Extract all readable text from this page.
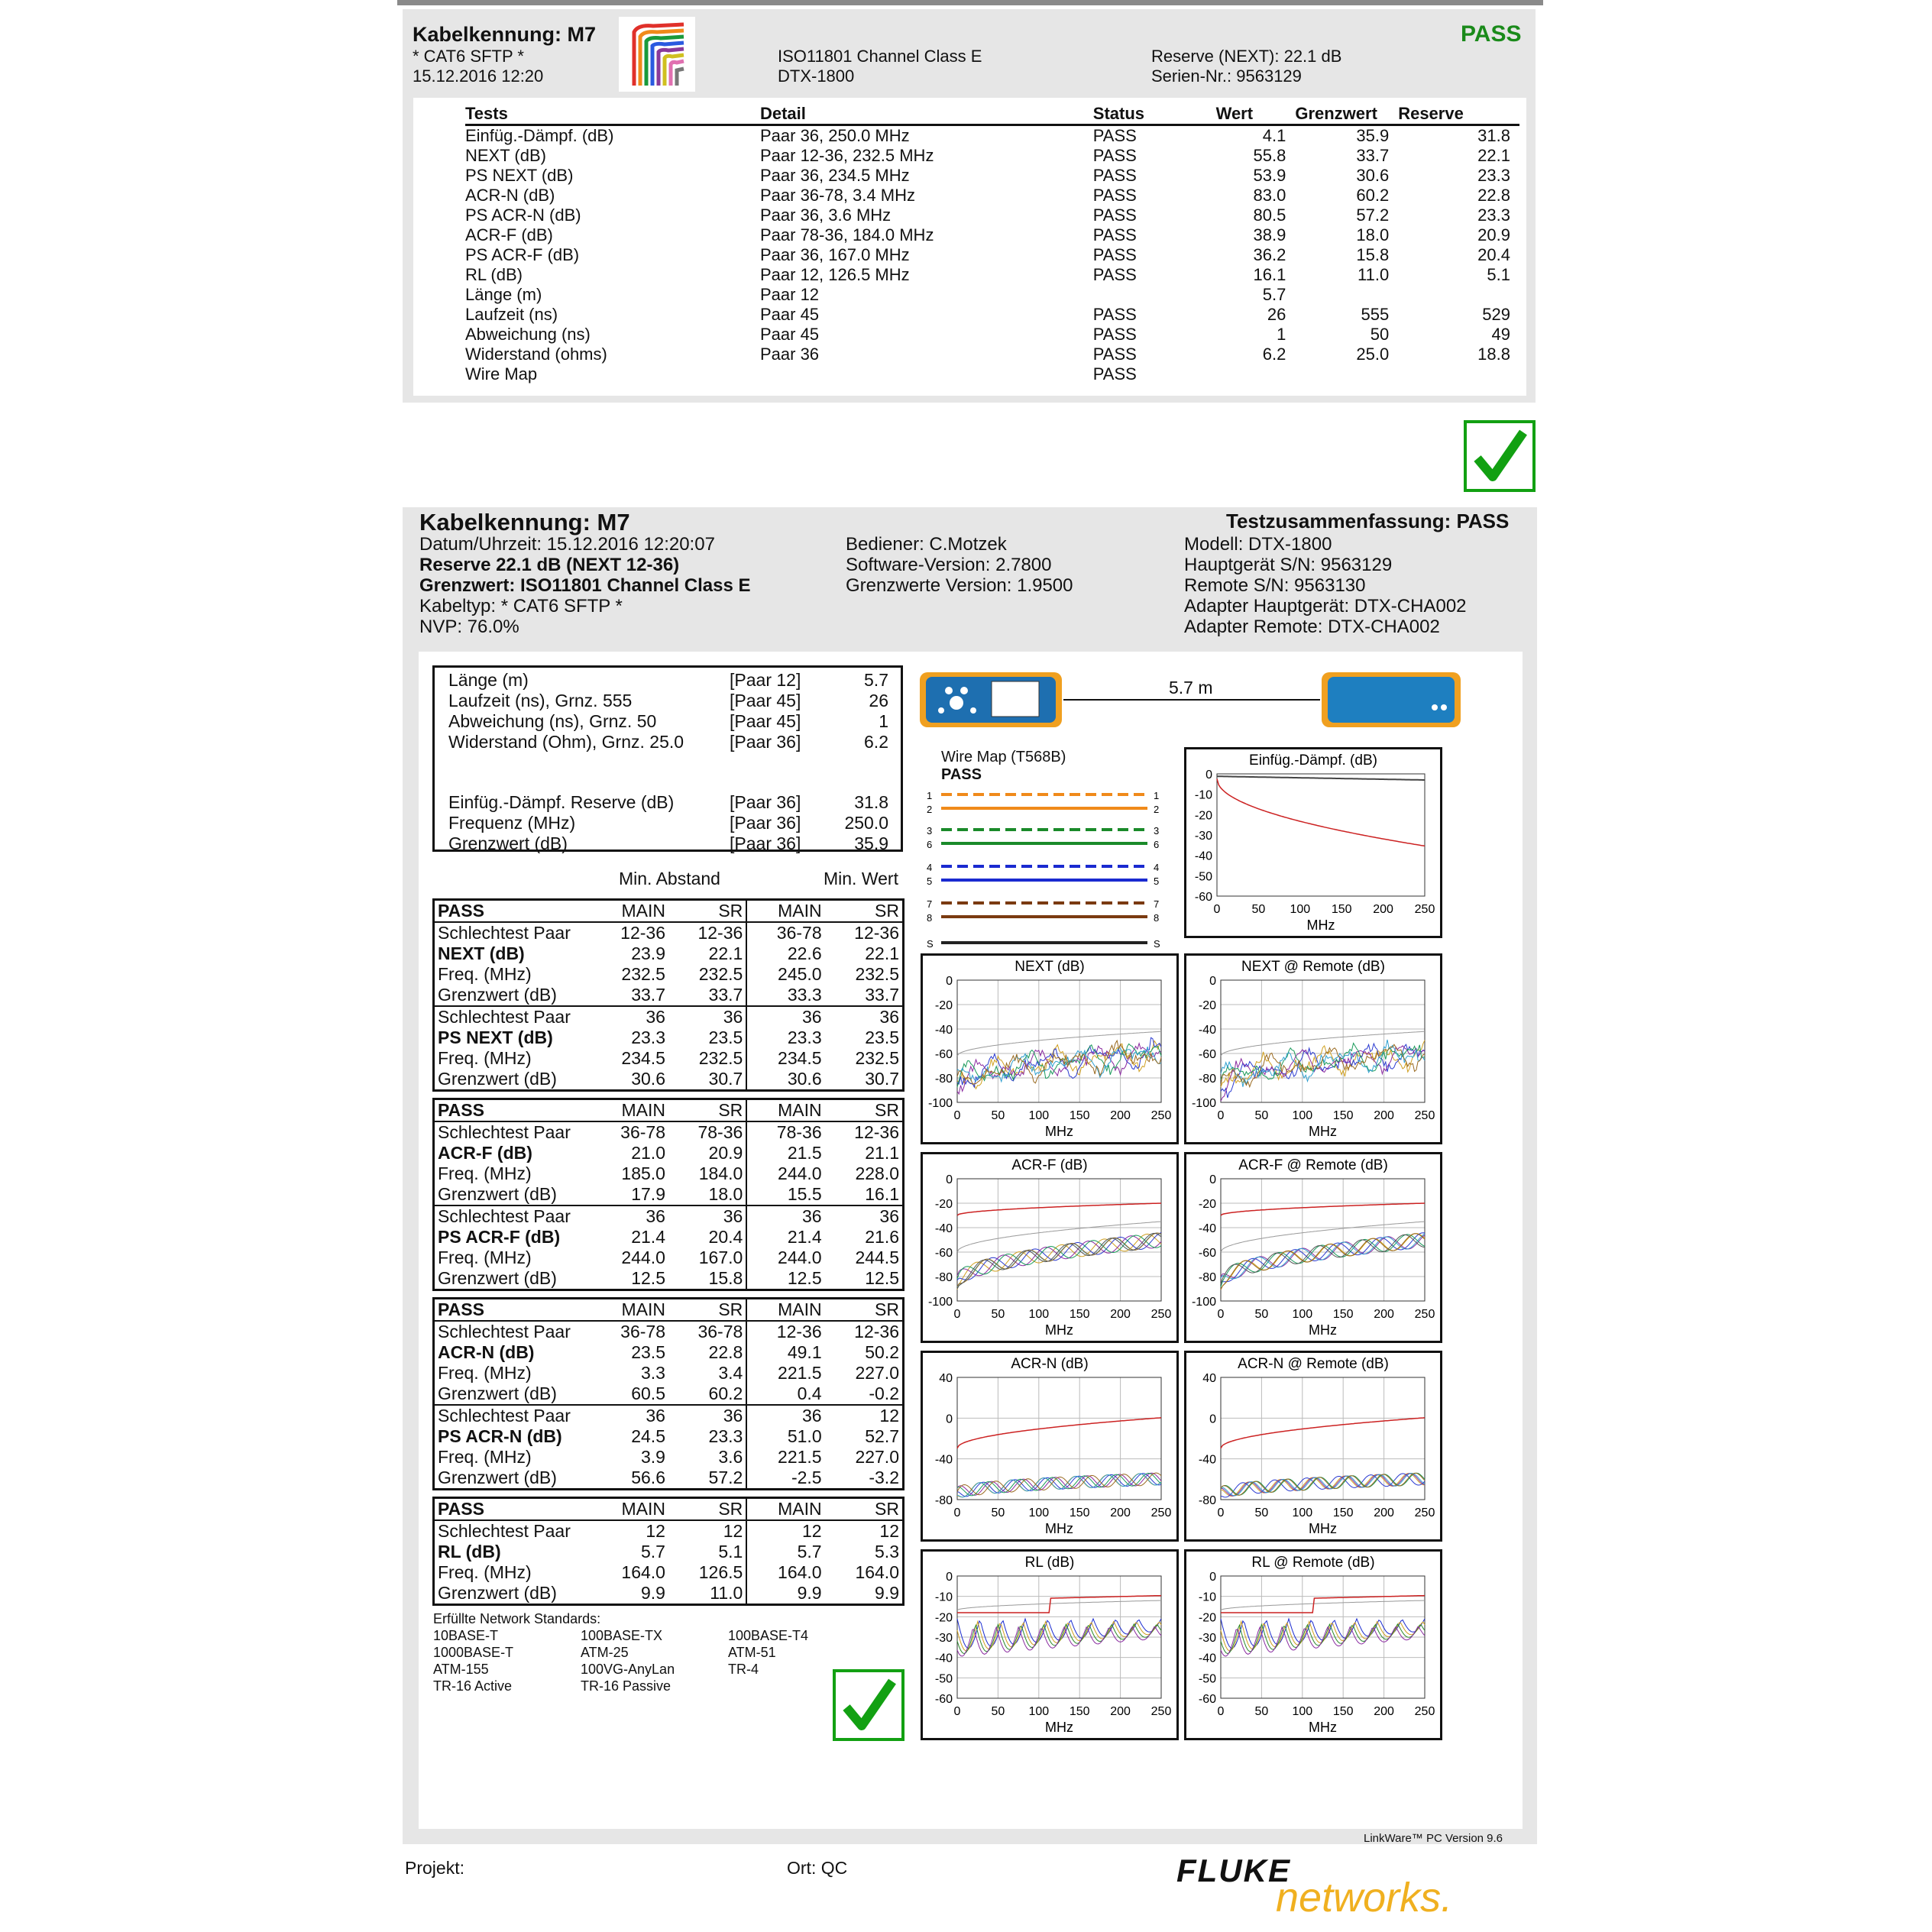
Kabelkennung: M7
* CAT6 SFTP *
15.12.2016 12:20
ISO11801 Channel Class E
DTX-1800
Reserve (NEXT): 22.1 dB
Serien-Nr.: 9563129
PASS
Tests	Detail	Status	Wert	Grenzwert	Reserve
Einfüg.-Dämpf. (dB)	Paar 36, 250.0 MHz	PASS	4.1	35.9	31.8
NEXT (dB)	Paar 12-36, 232.5 MHz	PASS	55.8	33.7	22.1
PS NEXT (dB)	Paar 36, 234.5 MHz	PASS	53.9	30.6	23.3
ACR-N (dB)	Paar 36-78, 3.4 MHz	PASS	83.0	60.2	22.8
PS ACR-N (dB)	Paar 36, 3.6 MHz	PASS	80.5	57.2	23.3
ACR-F (dB)	Paar 78-36, 184.0 MHz	PASS	38.9	18.0	20.9
PS ACR-F (dB)	Paar 36, 167.0 MHz	PASS	36.2	15.8	20.4
RL (dB)	Paar 12, 126.5 MHz	PASS	16.1	11.0	5.1
Länge (m)	Paar 12		5.7		
Laufzeit (ns)	Paar 45	PASS	26	555	529
Abweichung (ns)	Paar 45	PASS	1	50	49
Widerstand (ohms)	Paar 36	PASS	6.2	25.0	18.8
Wire Map		PASS			
Kabelkennung: M7	Testzusammenfassung: PASS
Datum/Uhrzeit: 15.12.2016 12:20:07
Reserve 22.1 dB (NEXT 12-36)
Grenzwert: ISO11801 Channel Class E
Kabeltyp: * CAT6 SFTP *
NVP: 76.0%
Bediener: C.Motzek
Software-Version: 2.7800
Grenzwerte Version: 1.9500
Modell: DTX-1800
Hauptgerät S/N: 9563129
Remote S/N: 9563130
Adapter Hauptgerät: DTX-CHA002
Adapter Remote: DTX-CHA002
Länge (m)	[Paar 12]	5.7
Laufzeit (ns), Grnz. 555	[Paar 45]	26
Abweichung (ns), Grnz. 50	[Paar 45]	1
Widerstand (Ohm), Grnz. 25.0	[Paar 36]	6.2
Einfüg.-Dämpf. Reserve (dB)	[Paar 36]	31.8
Frequenz (MHz)	[Paar 36]	250.0
Grenzwert (dB)	[Paar 36]	35.9
Min. Abstand	Min. Wert
PASS	MAIN	SR	MAIN	SR
Schlechtest Paar	12-36	12-36	36-78	12-36
NEXT (dB)	23.9	22.1	22.6	22.1
Freq. (MHz)	232.5	232.5	245.0	232.5
Grenzwert (dB)	33.7	33.7	33.3	33.7
Schlechtest Paar	36	36	36	36
PS NEXT (dB)	23.3	23.5	23.3	23.5
Freq. (MHz)	234.5	232.5	234.5	232.5
Grenzwert (dB)	30.6	30.7	30.6	30.7
PASS	MAIN	SR	MAIN	SR
Schlechtest Paar	36-78	78-36	78-36	12-36
ACR-F (dB)	21.0	20.9	21.5	21.1
Freq. (MHz)	185.0	184.0	244.0	228.0
Grenzwert (dB)	17.9	18.0	15.5	16.1
Schlechtest Paar	36	36	36	36
PS ACR-F (dB)	21.4	20.4	21.4	21.6
Freq. (MHz)	244.0	167.0	244.0	244.5
Grenzwert (dB)	12.5	15.8	12.5	12.5
PASS	MAIN	SR	MAIN	SR
Schlechtest Paar	36-78	36-78	12-36	12-36
ACR-N (dB)	23.5	22.8	49.1	50.2
Freq. (MHz)	3.3	3.4	221.5	227.0
Grenzwert (dB)	60.5	60.2	0.4	-0.2
Schlechtest Paar	36	36	36	12
PS ACR-N (dB)	24.5	23.3	51.0	52.7
Freq. (MHz)	3.9	3.6	221.5	227.0
Grenzwert (dB)	56.6	57.2	-2.5	-3.2
PASS	MAIN	SR	MAIN	SR
Schlechtest Paar	12	12	12	12
RL (dB)	5.7	5.1	5.7	5.3
Freq. (MHz)	164.0	126.5	164.0	164.0
Grenzwert (dB)	9.9	11.0	9.9	9.9
Erfüllte Network Standards:
10BASE-T	100BASE-TX	100BASE-T4
1000BASE-T	ATM-25	ATM-51
ATM-155	100VG-AnyLan	TR-4
TR-16 Active	TR-16 Passive
5.7 m
Wire Map (T568B)
PASS
1	1
2	2
3	3
6	6
4	4
5	5
7	7
8	8
S	S
Einfüg.-Dämpf. (dB)
0
-10
-20
-30
-40
-50
-60
0	50 100 150 200 250
MHz
NEXT (dB)
0
-20
-40
-60
-80
-100
0	50 100 150 200 250
MHz
NEXT @ Remote (dB)
0
-20
-40
-60
-80
-100
0	50 100 150 200 250
MHz
ACR-F (dB)
0
-20
-40
-60
-80
-100
0	50 100 150 200 250
MHz
ACR-F @ Remote (dB)
0
-20
-40
-60
-80
-100
0	50 100 150 200 250
MHz
ACR-N (dB)
40
0
-40
-80
0	50 100 150 200 250
MHz
ACR-N @ Remote (dB)
40
0
-40
-80
0	50 100 150 200 250
MHz
RL (dB)
0
-10
-20
-30
-40
-50
-60
0	50 100 150 200 250
MHz
RL @ Remote (dB)
0
-10
-20
-30
-40
-50
-60
0	50 100 150 200 250
MHz
LinkWare™ PC Version 9.6
Projekt:	Ort: QC	FLUKE
networks.
